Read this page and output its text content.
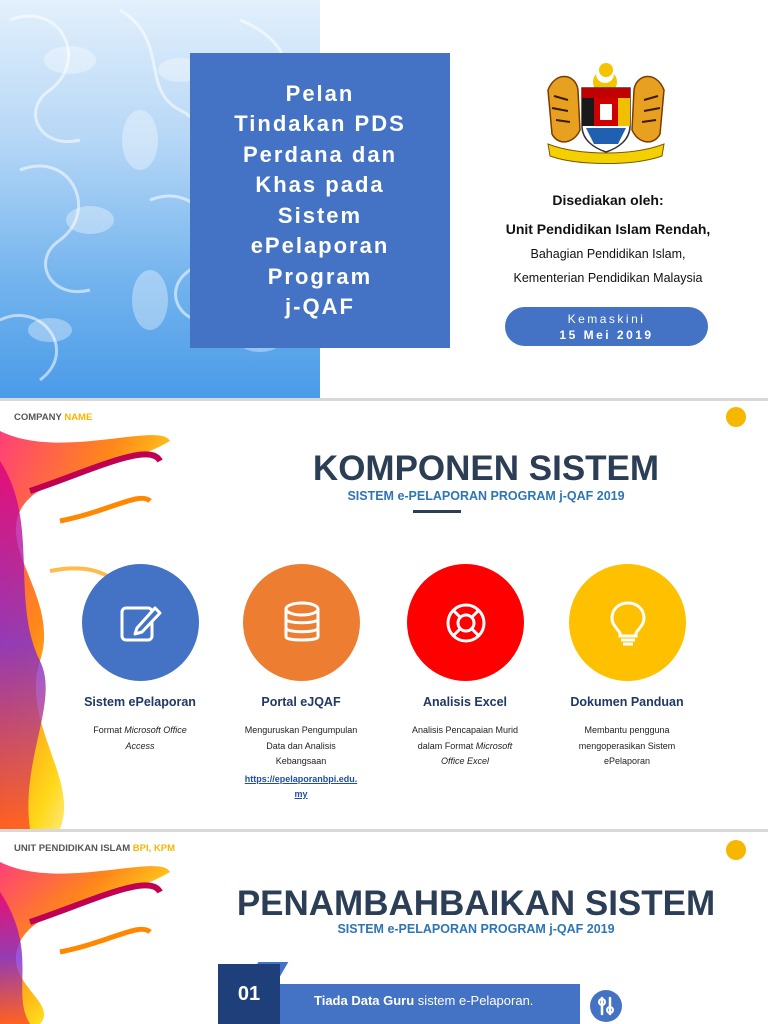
Pelan
Tindakan PDS
Perdana dan
Khas pada
Sistem
ePelaporan
Program
j-QAF
Disediakan oleh:
Unit Pendidikan Islam Rendah,
Bahagian Pendidikan Islam,
Kementerian Pendidikan Malaysia
Kemaskini
15 Mei 2019
COMPANY NAME
KOMPONEN SISTEM
SISTEM e-PELAPORAN PROGRAM j-QAF 2019
Sistem ePelaporan
Format Microsoft Office Access
Portal eJQAF
Menguruskan Pengumpulan Data dan Analisis Kebangsaan
https://epelaporanbpi.edu.my
Analisis Excel
Analisis Pencapaian Murid dalam Format Microsoft Office Excel
Dokumen Panduan
Membantu pengguna mengoperasikan Sistem ePelaporan
UNIT PENDIDIKAN ISLAM BPI, KPM
PENAMBAHBAIKAN SISTEM
SISTEM e-PELAPORAN PROGRAM j-QAF 2019
01	Tiada Data Guru sistem e-Pelaporan.
